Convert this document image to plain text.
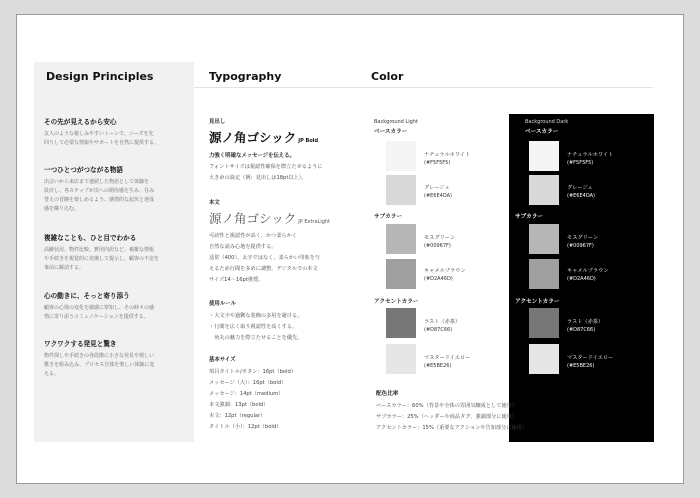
Design Principles
その先が見えるから安心
友人のような親しみやすいトーンで、ニーズを先
回りして必要な情報やサポートを自然に提供する。
一つひとつがつながる物語
出会いから来店まで連続した物語として体験を
設計し、各ステップが次への期待感を生み、住み
替えの冒険を楽しめるよう、感情的な起伏と達成
感を織り込む。
複雑なことも、ひと目でわかる
高齢状況、物件比較、費用内訳など、複雑な情報
や手続きを視覚的に変換して提示し、顧客の不安を
事前に解消する。
心の動きに、そっと寄り添う
顧客の心境の変化を敏感に察知し、その時々の感
情に寄り添うコミュニケーションを提供する。
ワクワクする発見と驚き
物件探しや手続きの各段階に小さな発見や嬉しい
驚きを組み込み、プロセス自体を楽しい体験に変
える。
Typography
見出し
源ノ角ゴシック JP Bold
力強く明確なメッセージを伝える。
フォントサイズは視認性確保を際立たせるように
大きめの設定（例：見出しは18pt以上）。
本文
源ノ角ゴシック JP ExtraLight
可読性と視認性が高く、かつ柔らかく
自然な読み心地を提供する。
适常（400）。太字ではなく、柔らかい印象を与
えるため行間を多めに調整。デジタルでの本文
サイズ14〜16pt推奨。
使用ルール
・大文字や過剰な装飾の多用を避ける。
・行間を広く取り視認性を高くする。
　角丸の魅力を際立たせることを優先。
基本サイズ
項目タイトル/ボタン：16pt（bold）
メッセージ（大）：16pt（bold）
メッセージ：14pt（medium）
本文強調：13pt（bold）
本文：12pt（regular）
タイトル（小）：12pt（bold）
Color
Background Light
ベースカラー
ナチュラルホワイト
(#F5F5F5)
グレージュ
(#E6E4DA)
サブカラー
モスグリーン
(#00967F)
キャメルブラウン
(#D2A46D)
アクセントカラー
ラスト（赤茶）
(#D87C66)
マスタードイエロー
(#E5BE26)
Background Dark
ベースカラー
ナチュラルホワイト
(#F5F5F5)
グレージュ
(#E6E4DA)
サブカラー
モスグリーン
(#00967F)
キャメルブラウン
(#D2A46D)
アクセントカラー
ラスト（赤茶）
(#D87C66)
マスタードイエロー
(#E5BE26)
配色比率
ベースカラー：60%（背景や全体の雰囲気醸成として使用）
サブカラー：25%（ヘッダーや商品タグ、強調部分に使用）
アクセントカラー：15%（重要なアクションや告知部分に使用）
